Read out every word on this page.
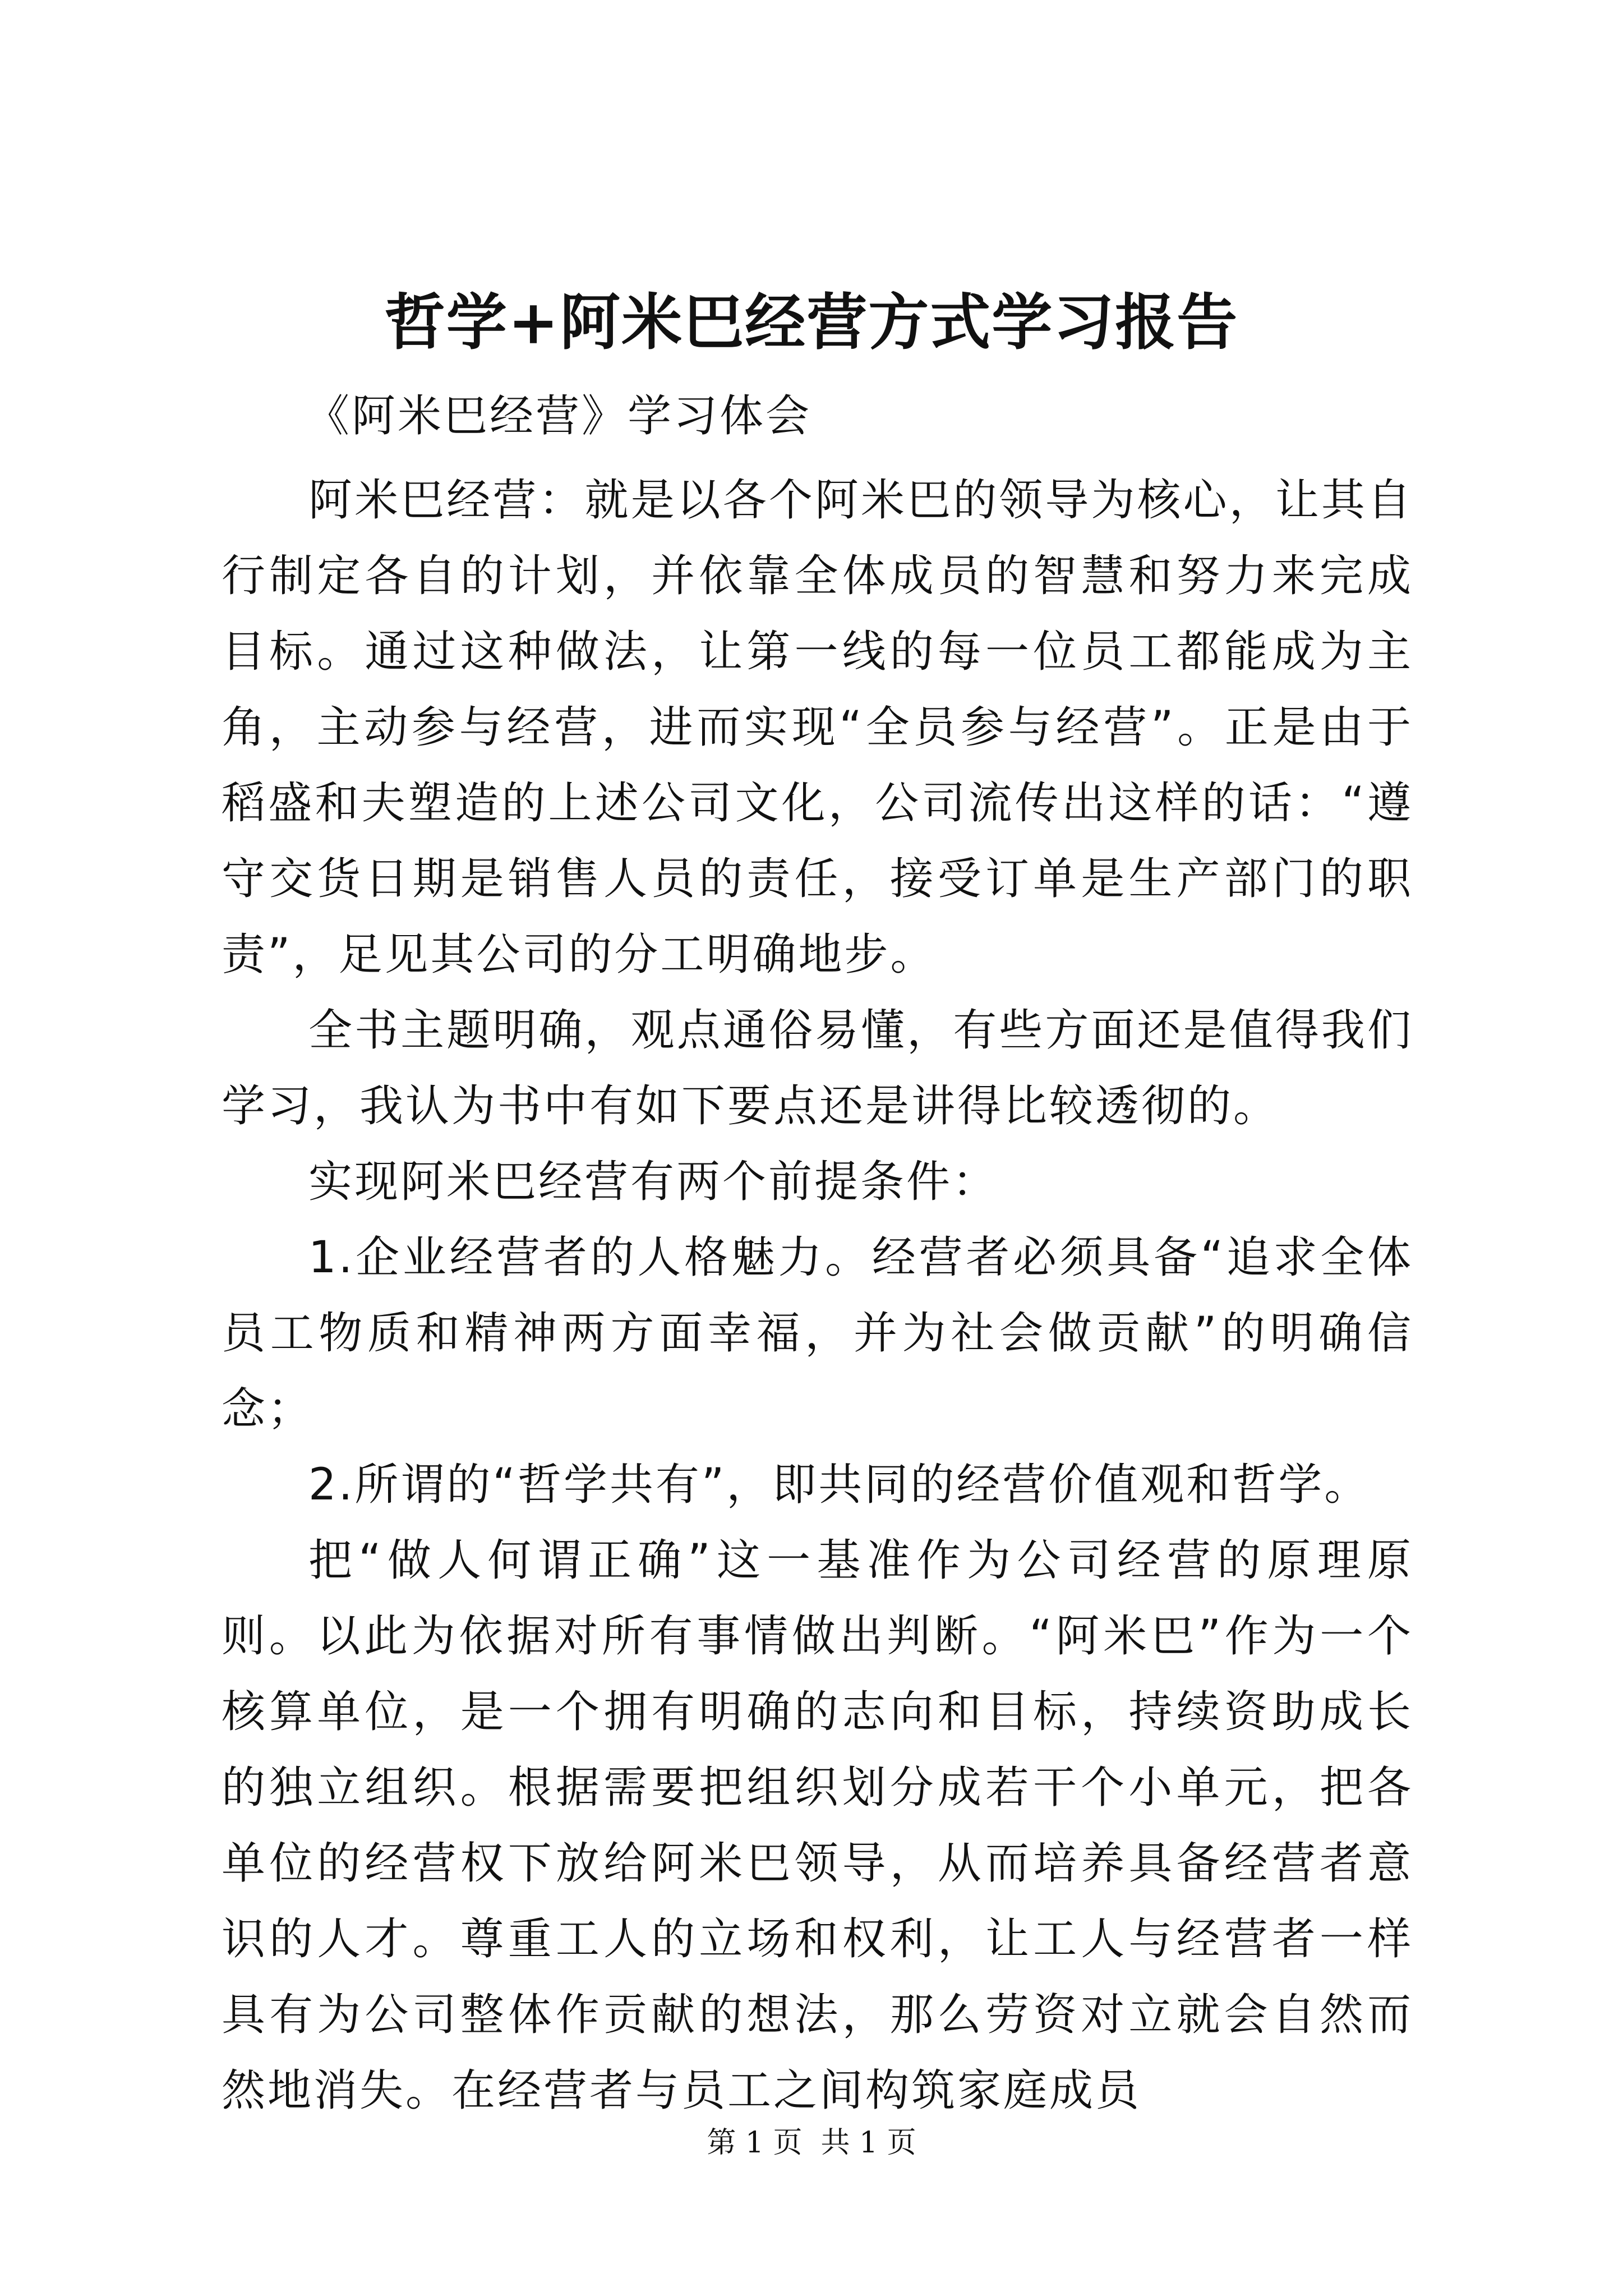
哲学+阿米巴经营方式学习报告
《阿米巴经营》学习体会

阿米巴经营：就是以各个阿米巴的领导为核心，让其自行制定各自的计划，并依靠全体成员的智慧和努力来完成目标。通过这种做法，让第一线的每一位员工都能成为主角，主动参与经营，进而实现“全员参与经营”。正是由于稻盛和夫塑造的上述公司文化，公司流传出这样的话：“遵守交货日期是销售人员的责任，接受订单是生产部门的职责”，足见其公司的分工明确地步。

全书主题明确，观点通俗易懂，有些方面还是值得我们学习，我认为书中有如下要点还是讲得比较透彻的。

实现阿米巴经营有两个前提条件：

1.企业经营者的人格魅力。经营者必须具备“追求全体员工物质和精神两方面幸福，并为社会做贡献”的明确信念；

2.所谓的“哲学共有”，即共同的经营价值观和哲学。

把“做人何谓正确”这一基准作为公司经营的原理原则。以此为依据对所有事情做出判断。“阿米巴”作为一个核算单位，是一个拥有明确的志向和目标，持续资助成长的独立组织。根据需要把组织划分成若干个小单元，把各单位的经营权下放给阿米巴领导，从而培养具备经营者意识的人才。尊重工人的立场和权利，让工人与经营者一样具有为公司整体作贡献的想法，那么劳资对立就会自然而然地消失。在经营者与员工之间构筑家庭成员

第 1 页  共 1 页
